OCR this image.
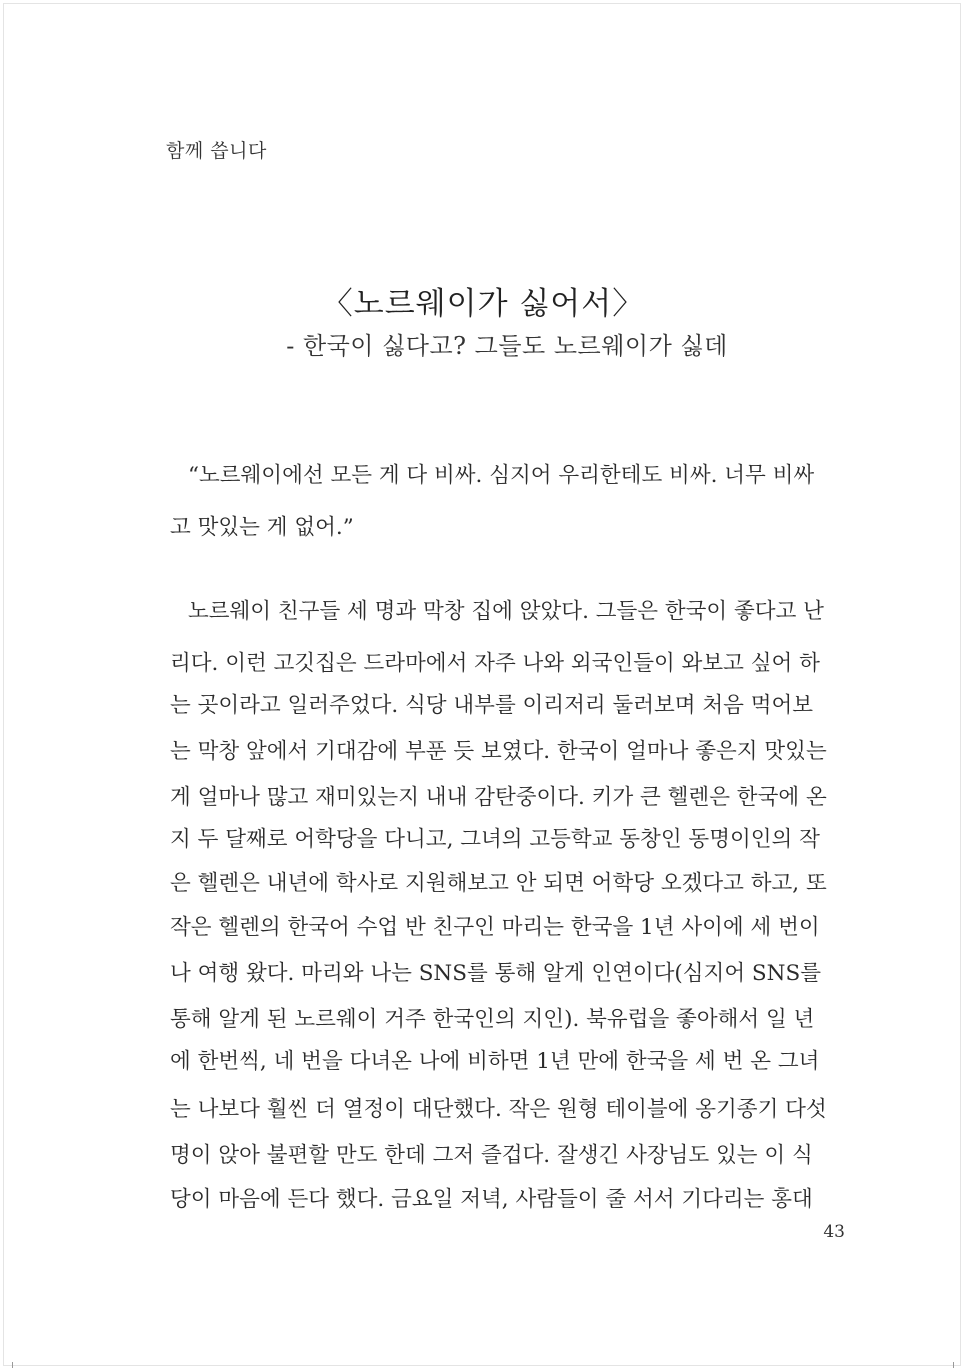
함께 씁니다
〈노르웨이가 싫어서〉
- 한국이 싫다고? 그들도 노르웨이가 싫데
“노르웨이에선 모든 게 다 비싸. 심지어 우리한테도 비싸. 너무 비싸
고 맛있는 게 없어.”
노르웨이 친구들 세 명과 막창 집에 앉았다. 그들은 한국이 좋다고 난
리다. 이런 고깃집은 드라마에서 자주 나와 외국인들이 와보고 싶어 하
는 곳이라고 일러주었다. 식당 내부를 이리저리 둘러보며 처음 먹어보
는 막창 앞에서 기대감에 부푼 듯 보였다. 한국이 얼마나 좋은지 맛있는
게 얼마나 많고 재미있는지 내내 감탄중이다. 키가 큰 헬렌은 한국에 온
지 두 달째로 어학당을 다니고, 그녀의 고등학교 동창인 동명이인의 작
은 헬렌은 내년에 학사로 지원해보고 안 되면 어학당 오겠다고 하고, 또
작은 헬렌의 한국어 수업 반 친구인 마리는 한국을 1년 사이에 세 번이
나 여행 왔다. 마리와 나는 SNS를 통해 알게 인연이다(심지어 SNS를
통해 알게 된 노르웨이 거주 한국인의 지인). 북유럽을 좋아해서 일 년
에 한번씩, 네 번을 다녀온 나에 비하면 1년 만에 한국을 세 번 온 그녀
는 나보다 훨씬 더 열정이 대단했다. 작은 원형 테이블에 옹기종기 다섯
명이 앉아 불편할 만도 한데 그저 즐겁다. 잘생긴 사장님도 있는 이 식
당이 마음에 든다 했다. 금요일 저녁, 사람들이 줄 서서 기다리는 홍대
43
